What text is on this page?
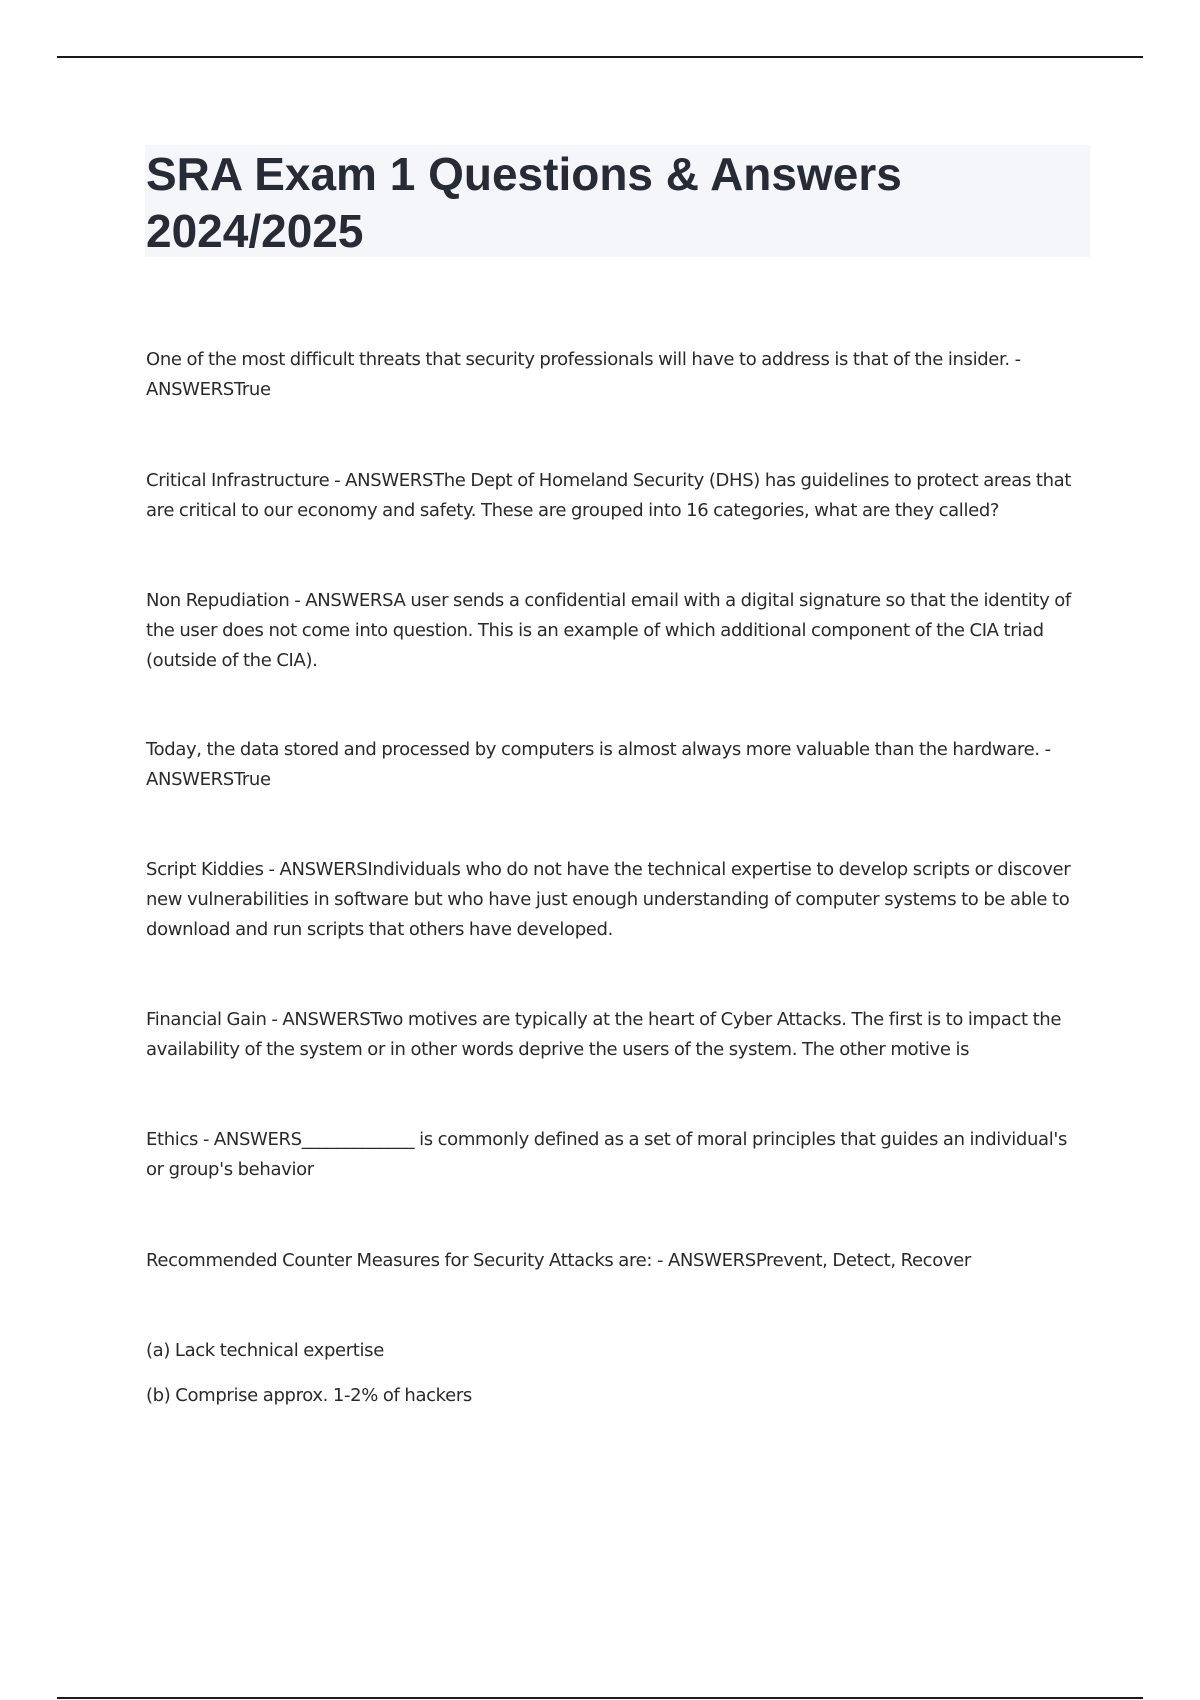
SRA Exam 1 Questions & Answers 2024/2025

One of the most difficult threats that security professionals will have to address is that of the insider. - ANSWERSTrue

Critical Infrastructure - ANSWERSThe Dept of Homeland Security (DHS) has guidelines to protect areas that are critical to our economy and safety. These are grouped into 16 categories, what are they called?

Non Repudiation - ANSWERSA user sends a confidential email with a digital signature so that the identity of the user does not come into question. This is an example of which additional component of the CIA triad (outside of the CIA).

Today, the data stored and processed by computers is almost always more valuable than the hardware. - ANSWERSTrue

Script Kiddies - ANSWERSIndividuals who do not have the technical expertise to develop scripts or discover new vulnerabilities in software but who have just enough understanding of computer systems to be able to download and run scripts that others have developed.

Financial Gain - ANSWERSTwo motives are typically at the heart of Cyber Attacks. The first is to impact the availability of the system or in other words deprive the users of the system. The other motive is

Ethics - ANSWERS_____________ is commonly defined as a set of moral principles that guides an individual's or group's behavior

Recommended Counter Measures for Security Attacks are: - ANSWERSPrevent, Detect, Recover

(a) Lack technical expertise

(b) Comprise approx. 1-2% of hackers
